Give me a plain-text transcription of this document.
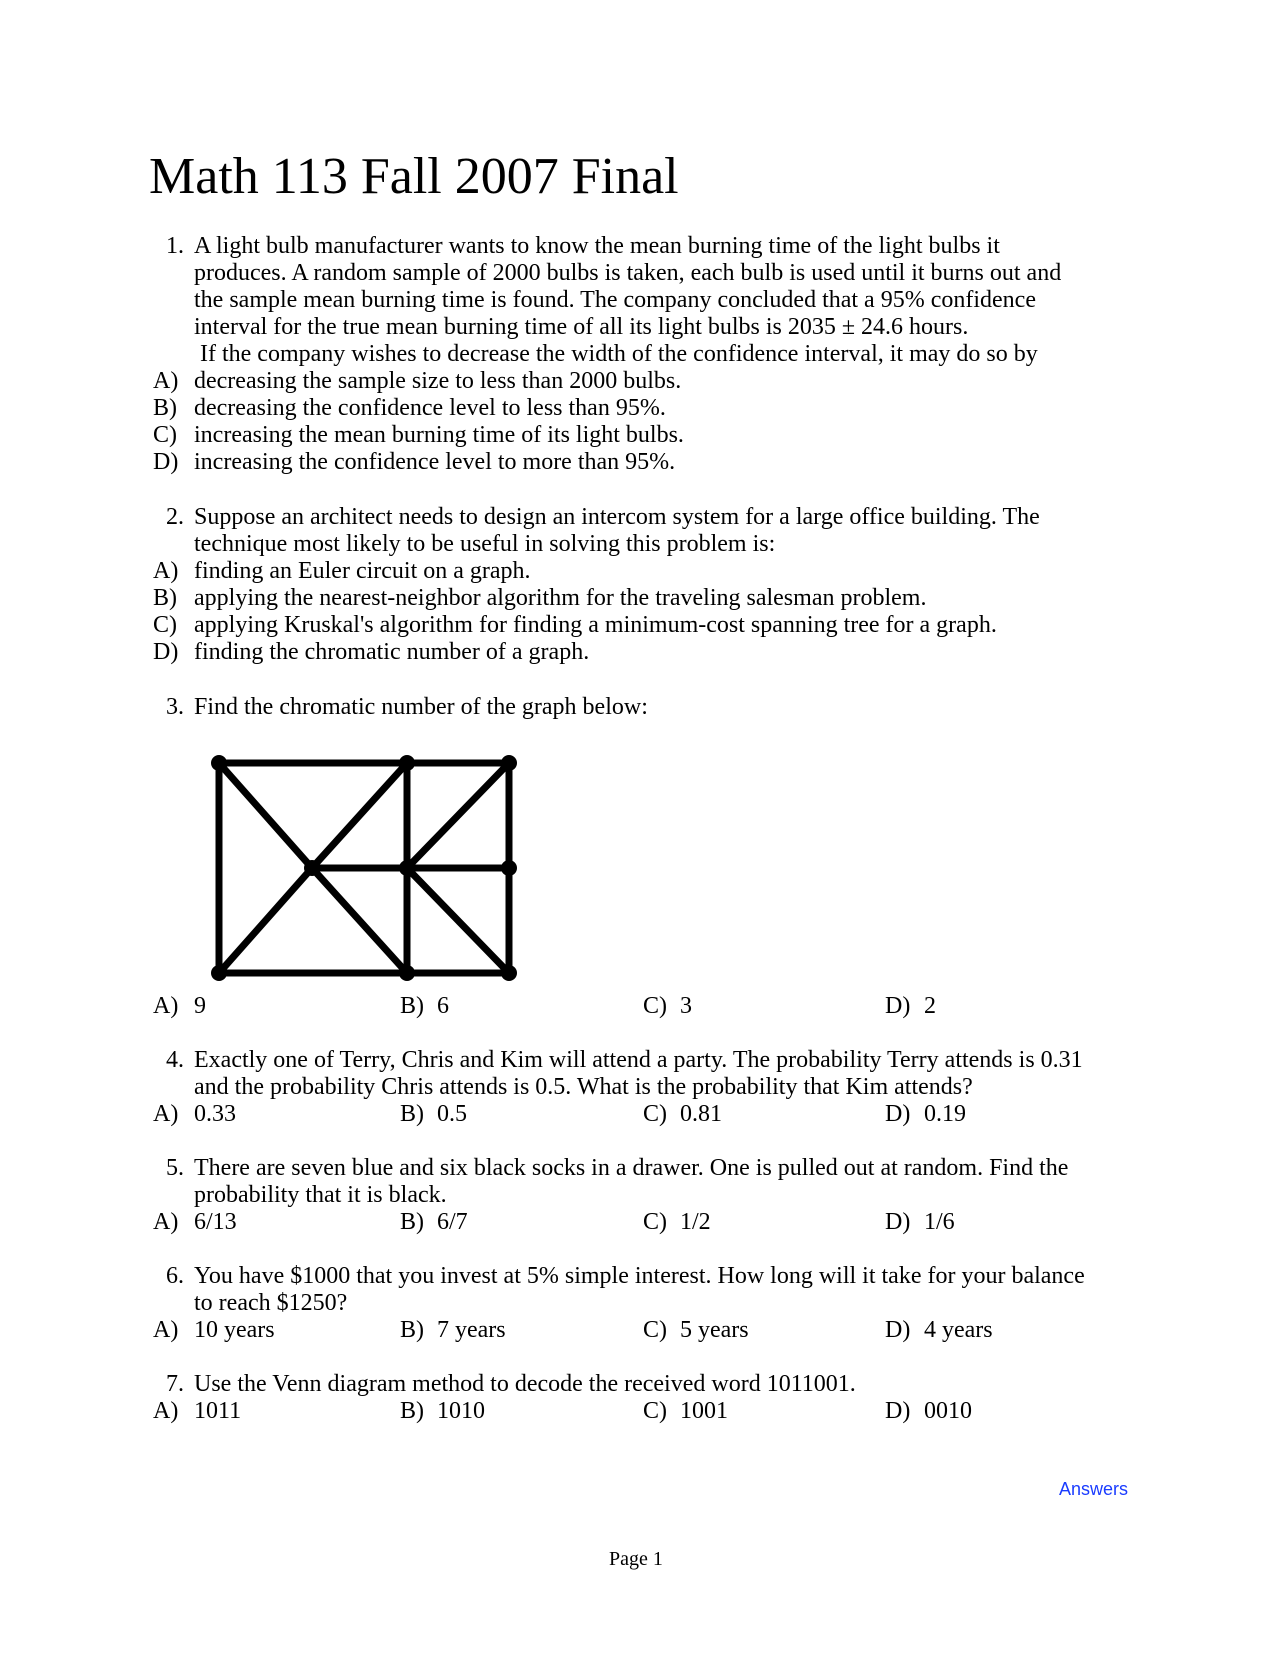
Math 113 Fall 2007 Final
1. A light bulb manufacturer wants to know the mean burning time of the light bulbs it
produces. A random sample of 2000 bulbs is taken, each bulb is used until it burns out and
the sample mean burning time is found. The company concluded that a 95% confidence
interval for the true mean burning time of all its light bulbs is 2035 ± 24.6 hours.
If the company wishes to decrease the width of the confidence interval, it may do so by
A) decreasing the sample size to less than 2000 bulbs.
B) decreasing the confidence level to less than 95%.
C) increasing the mean burning time of its light bulbs.
D) increasing the confidence level to more than 95%.
2. Suppose an architect needs to design an intercom system for a large office building. The
technique most likely to be useful in solving this problem is:
A) finding an Euler circuit on a graph.
B) applying the nearest-neighbor algorithm for the traveling salesman problem.
C) applying Kruskal's algorithm for finding a minimum-cost spanning tree for a graph.
D) finding the chromatic number of a graph.
3. Find the chromatic number of the graph below:
A) 9	B) 6	C) 3	D) 2
4. Exactly one of Terry, Chris and Kim will attend a party. The probability Terry attends is 0.31
and the probability Chris attends is 0.5. What is the probability that Kim attends?
A) 0.33	B) 0.5	C) 0.81	D) 0.19
5. There are seven blue and six black socks in a drawer. One is pulled out at random. Find the
probability that it is black.
A) 6/13	B) 6/7	C) 1/2	D) 1/6
6. You have $1000 that you invest at 5% simple interest. How long will it take for your balance
to reach $1250?
A) 10 years	B) 7 years	C) 5 years	D) 4 years
7. Use the Venn diagram method to decode the received word 1011001.
A) 1011	B) 1010	C) 1001	D) 0010
Answers
Page 1
